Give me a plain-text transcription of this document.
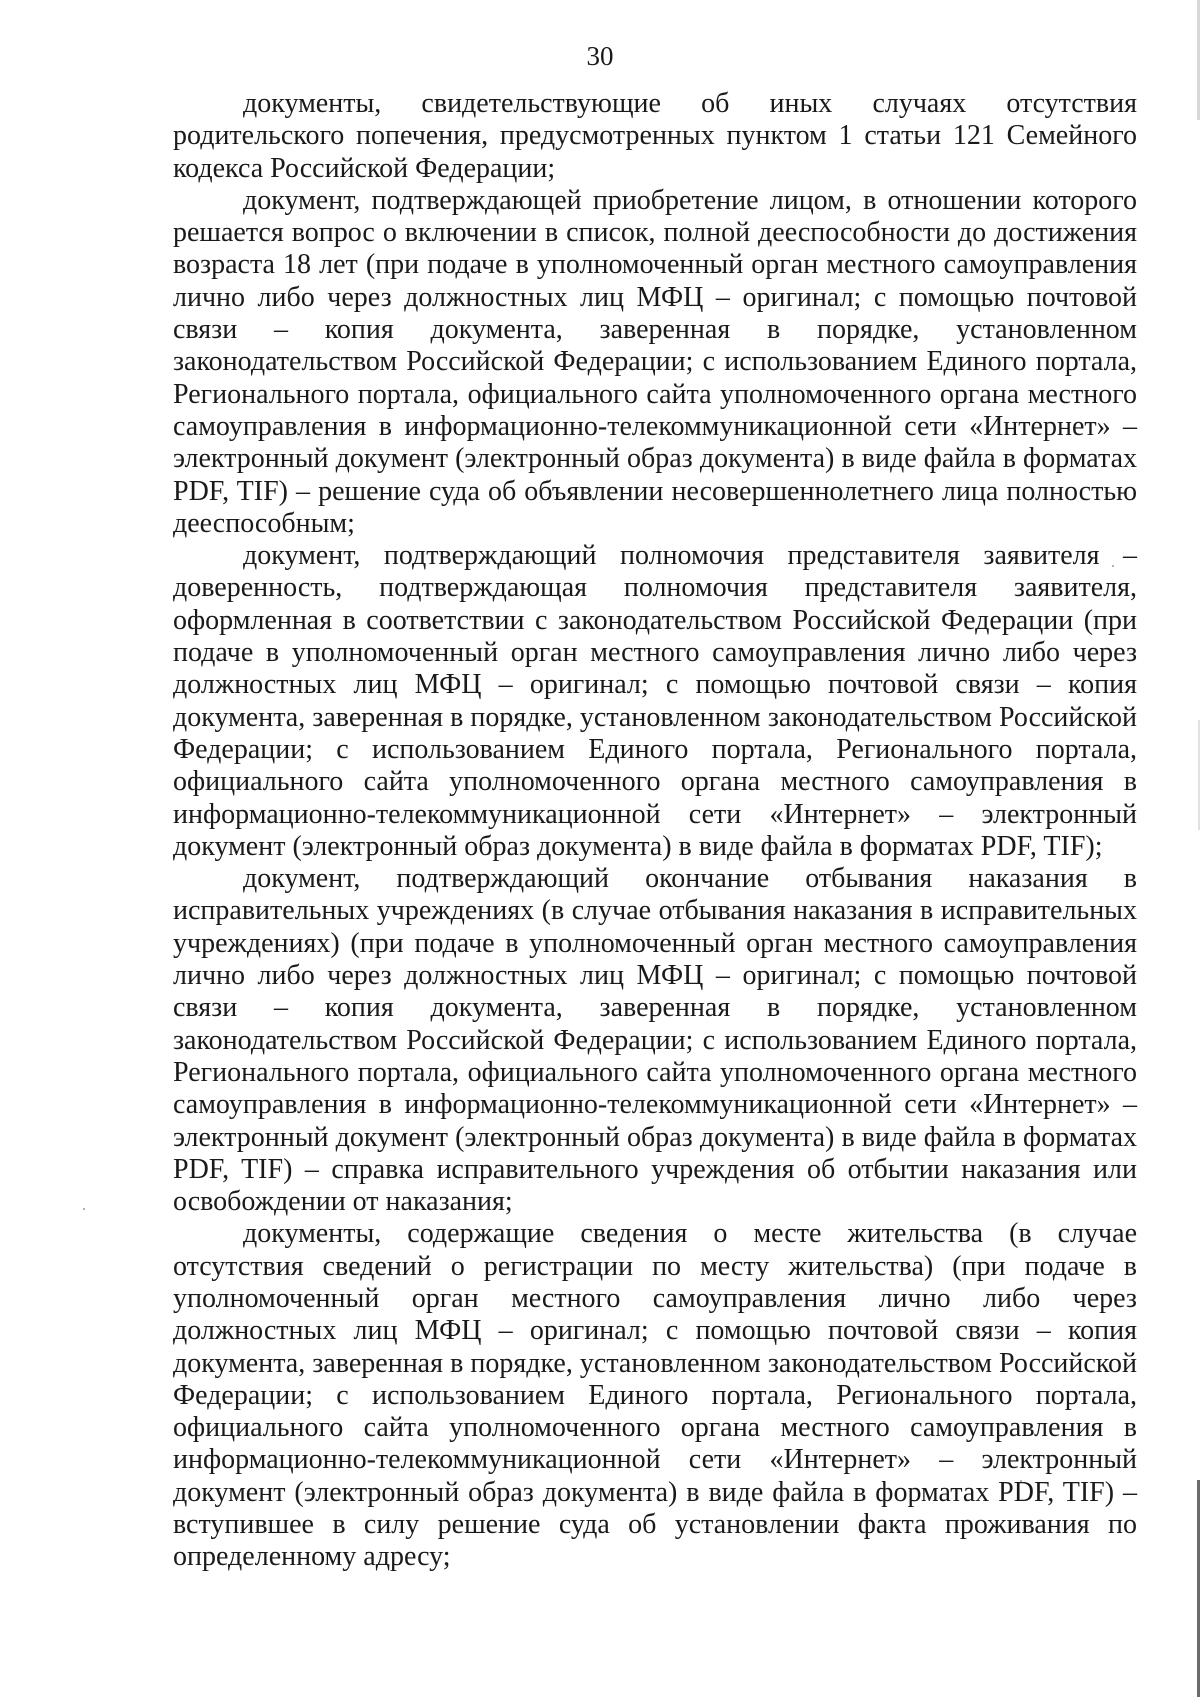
30

документы, свидетельствующие об иных случаях отсутствия родительского попечения, предусмотренных пунктом 1 статьи 121 Семейного кодекса Российской Федерации;

документ, подтверждающей приобретение лицом, в отношении которого решается вопрос о включении в список, полной дееспособности до достижения возраста 18 лет (при подаче в уполномоченный орган местного самоуправления лично либо через должностных лиц МФЦ – оригинал; с помощью почтовой связи – копия документа, заверенная в порядке, установленном законодательством Российской Федерации; с использованием Единого портала, Регионального портала, официального сайта уполномоченного органа местного самоуправления в информационно-телекоммуникационной сети «Интернет» – электронный документ (электронный образ документа) в виде файла в форматах PDF, TIF) – решение суда об объявлении несовершеннолетнего лица полностью дееспособным;

документ, подтверждающий полномочия представителя заявителя – доверенность, подтверждающая полномочия представителя заявителя, оформленная в соответствии с законодательством Российской Федерации (при подаче в уполномоченный орган местного самоуправления лично либо через должностных лиц МФЦ – оригинал; с помощью почтовой связи – копия документа, заверенная в порядке, установленном законодательством Российской Федерации; с использованием Единого портала, Регионального портала, официального сайта уполномоченного органа местного самоуправления в информационно-телекоммуникационной сети «Интернет» – электронный документ (электронный образ документа) в виде файла в форматах PDF, TIF);

документ, подтверждающий окончание отбывания наказания в исправительных учреждениях (в случае отбывания наказания в исправительных учреждениях) (при подаче в уполномоченный орган местного самоуправления лично либо через должностных лиц МФЦ – оригинал; с помощью почтовой связи – копия документа, заверенная в порядке, установленном законодательством Российской Федерации; с использованием Единого портала, Регионального портала, официального сайта уполномоченного органа местного самоуправления в информационно-телекоммуникационной сети «Интернет» – электронный документ (электронный образ документа) в виде файла в форматах PDF, TIF) – справка исправительного учреждения об отбытии наказания или освобождении от наказания;

документы, содержащие сведения о месте жительства (в случае отсутствия сведений о регистрации по месту жительства) (при подаче в уполномоченный орган местного самоуправления лично либо через должностных лиц МФЦ – оригинал; с помощью почтовой связи – копия документа, заверенная в порядке, установленном законодательством Российской Федерации; с использованием Единого портала, Регионального портала, официального сайта уполномоченного органа местного самоуправления в информационно-телекоммуникационной сети «Интернет» – электронный документ (электронный образ документа) в виде файла в форматах PDF, TIF) – вступившее в силу решение суда об установлении факта проживания по определенному адресу;
